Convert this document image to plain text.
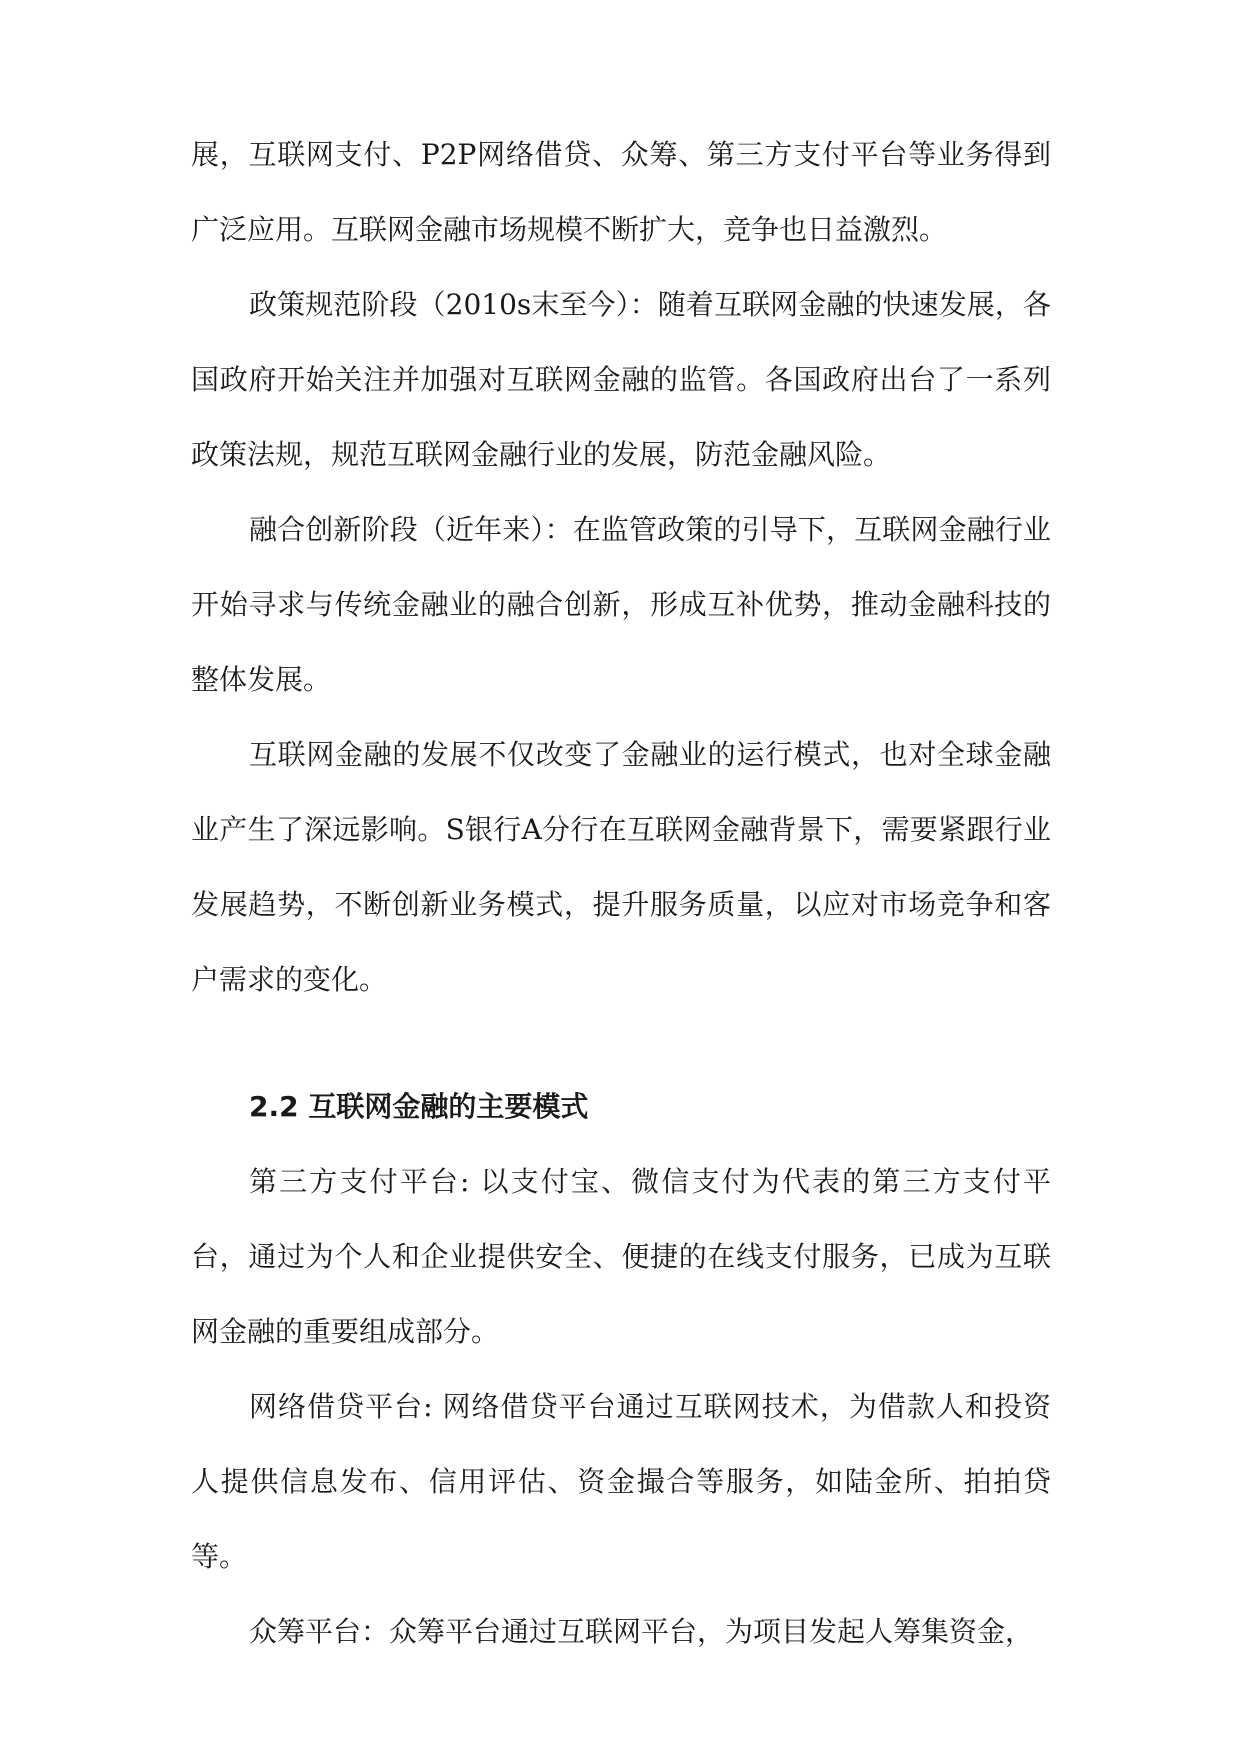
展，互联网支付、P2P网络借贷、众筹、第三方支付平台等业务得到广泛应用。互联网金融市场规模不断扩大，竞争也日益激烈。

政策规范阶段（2010s末至今）：随着互联网金融的快速发展，各国政府开始关注并加强对互联网金融的监管。各国政府出台了一系列政策法规，规范互联网金融行业的发展，防范金融风险。

融合创新阶段（近年来）：在监管政策的引导下，互联网金融行业开始寻求与传统金融业的融合创新，形成互补优势，推动金融科技的整体发展。

互联网金融的发展不仅改变了金融业的运行模式，也对全球金融业产生了深远影响。S银行A分行在互联网金融背景下，需要紧跟行业发展趋势，不断创新业务模式，提升服务质量，以应对市场竞争和客户需求的变化。

2.2 互联网金融的主要模式

第三方支付平台: 以支付宝、微信支付为代表的第三方支付平台，通过为个人和企业提供安全、便捷的在线支付服务，已成为互联网金融的重要组成部分。

网络借贷平台: 网络借贷平台通过互联网技术，为借款人和投资人提供信息发布、信用评估、资金撮合等服务，如陆金所、拍拍贷等。

众筹平台：众筹平台通过互联网平台，为项目发起人筹集资金，
